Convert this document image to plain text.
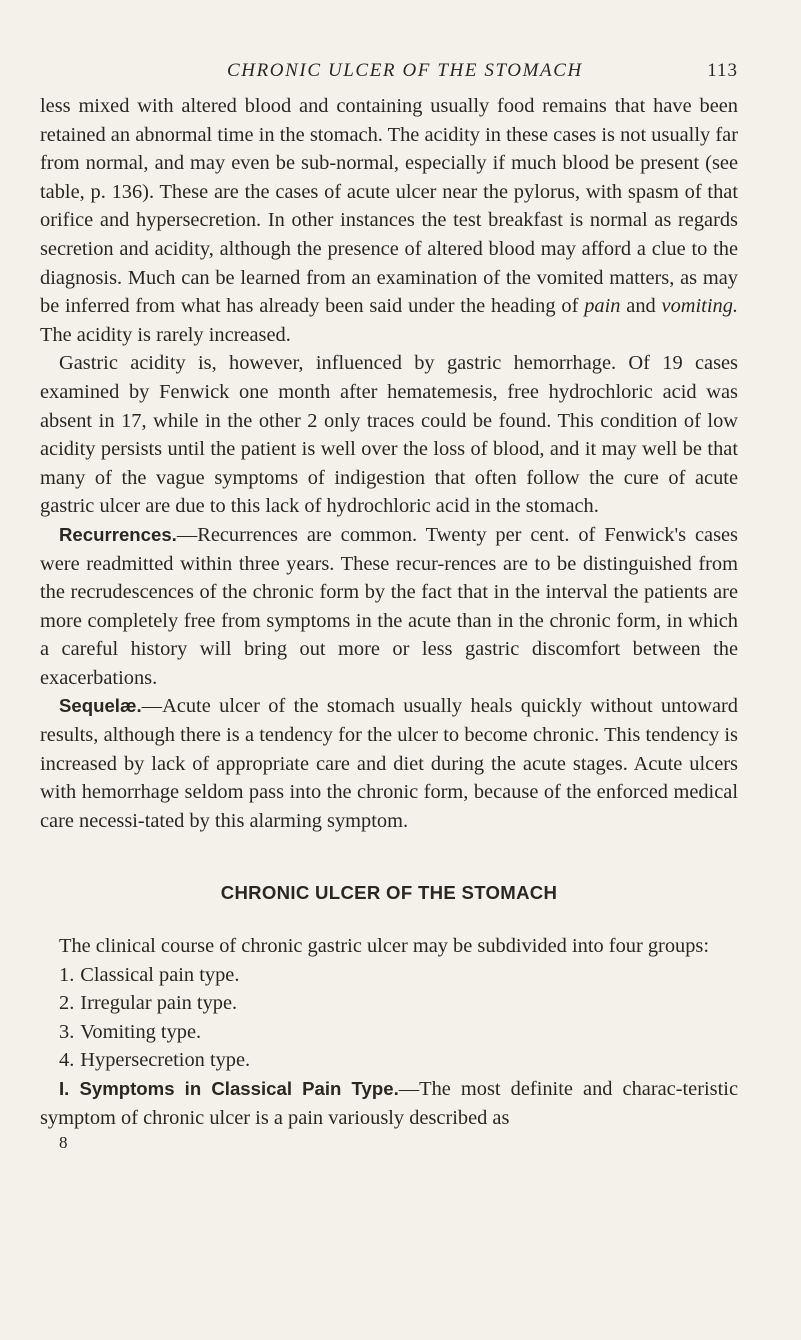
CHRONIC ULCER OF THE STOMACH	113

less mixed with altered blood and containing usually food remains that have been retained an abnormal time in the stomach. The acidity in these cases is not usually far from normal, and may even be sub-normal, especially if much blood be present (see table, p. 136). These are the cases of acute ulcer near the pylorus, with spasm of that orifice and hypersecretion. In other instances the test breakfast is normal as regards secretion and acidity, although the presence of altered blood may afford a clue to the diagnosis. Much can be learned from an examination of the vomited matters, as may be inferred from what has already been said under the heading of pain and vomiting. The acidity is rarely increased.

Gastric acidity is, however, influenced by gastric hemorrhage. Of 19 cases examined by Fenwick one month after hematemesis, free hydrochloric acid was absent in 17, while in the other 2 only traces could be found. This condition of low acidity persists until the patient is well over the loss of blood, and it may well be that many of the vague symptoms of indigestion that often follow the cure of acute gastric ulcer are due to this lack of hydrochloric acid in the stomach.

Recurrences.—Recurrences are common. Twenty per cent. of Fenwick's cases were readmitted within three years. These recur-rences are to be distinguished from the recrudescences of the chronic form by the fact that in the interval the patients are more completely free from symptoms in the acute than in the chronic form, in which a careful history will bring out more or less gastric discomfort between the exacerbations.

Sequelæ.—Acute ulcer of the stomach usually heals quickly without untoward results, although there is a tendency for the ulcer to become chronic. This tendency is increased by lack of appropriate care and diet during the acute stages. Acute ulcers with hemorrhage seldom pass into the chronic form, because of the enforced medical care necessi-tated by this alarming symptom.

CHRONIC ULCER OF THE STOMACH

The clinical course of chronic gastric ulcer may be subdivided into four groups:

1. Classical pain type.
2. Irregular pain type.
3. Vomiting type.
4. Hypersecretion type.

I. Symptoms in Classical Pain Type.—The most definite and charac-teristic symptom of chronic ulcer is a pain variously described as

8
